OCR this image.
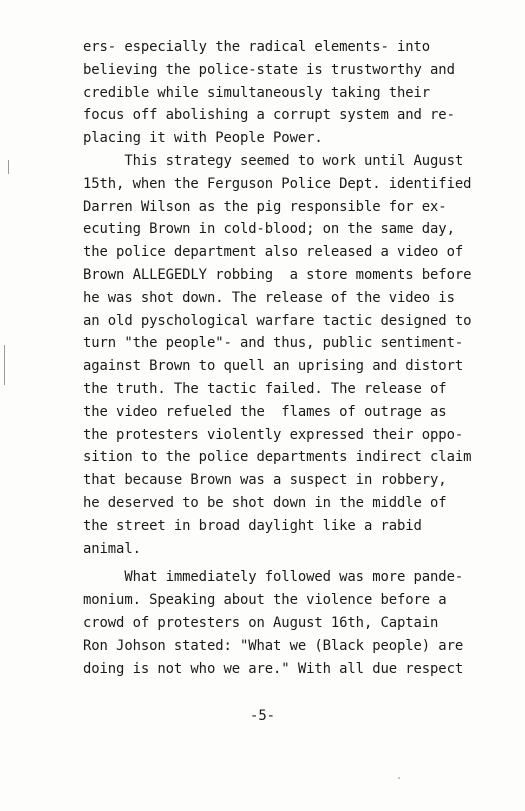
ers- especially the radical elements- into
believing the police-state is trustworthy and
credible while simultaneously taking their
focus off abolishing a corrupt system and re-
placing it with People Power.
This strategy seemed to work until August
15th, when the Ferguson Police Dept. identified
Darren Wilson as the pig responsible for ex-
ecuting Brown in cold-blood; on the same day,
the police department also released a video of
Brown ALLEGEDLY robbing  a store moments before
he was shot down. The release of the video is
an old pyschological warfare tactic designed to
turn "the people"- and thus, public sentiment-
against Brown to quell an uprising and distort
the truth. The tactic failed. The release of
the video refueled the  flames of outrage as
the protesters violently expressed their oppo-
sition to the police departments indirect claim
that because Brown was a suspect in robbery,
he deserved to be shot down in the middle of
the street in broad daylight like a rabid
animal.
What immediately followed was more pande-
monium. Speaking about the violence before a
crowd of protesters on August 16th, Captain
Ron Johson stated: "What we (Black people) are
doing is not who we are." With all due respect
-5-
